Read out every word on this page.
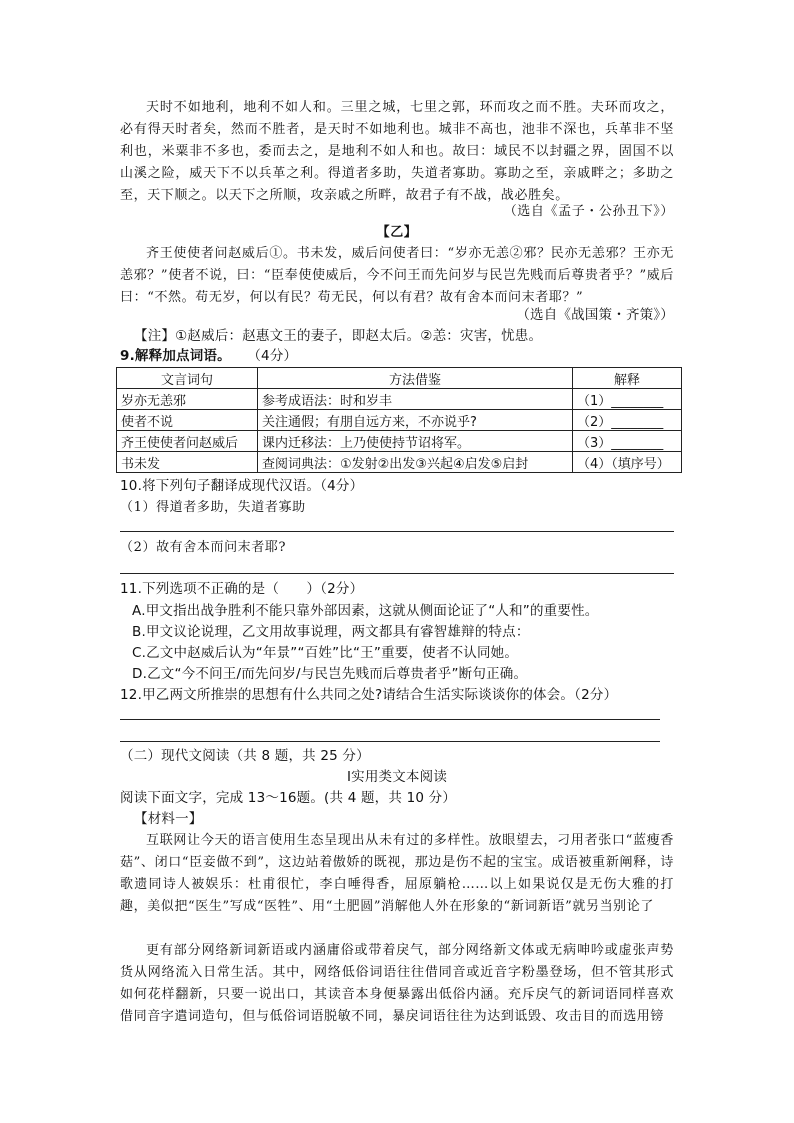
天时不如地利，地利不如人和。三里之城，七里之郭，环而攻之而不胜。夫环而攻之，必有得天时者矣，然而不胜者，是天时不如地利也。城非不高也，池非不深也，兵革非不坚利也，米粟非不多也，委而去之，是地利不如人和也。故曰：域民不以封疆之界，固国不以山溪之险，威天下不以兵革之利。得道者多助，失道者寡助。寡助之至，亲戚畔之；多助之至，天下顺之。以天下之所顺，攻亲戚之所畔，故君子有不战，战必胜矣。

（选自《孟子・公孙丑下》）

【乙】

齐王使使者问赵威后①。书未发，威后问使者曰：“岁亦无恙②邪？民亦无恙邪？王亦无恙邪？”使者不说，曰：“臣奉使使威后，今不问王而先问岁与民岂先贱而后尊贵者乎？”威后曰：“不然。苟无岁，何以有民？苟无民，何以有君？故有舍本而问末者耶？”

（选自《战国策・齐策》）

【注】①赵威后：赵惠文王的妻子，即赵太后。②恙：灾害，忧患。

9.解释加点词语。 （4分）

文言词句	方法借鉴	解释
岁亦无恙邪	参考成语法：时和岁丰	（1）________
使者不说	关注通假；有朋自远方来，不亦说乎?	（2）________
齐王使使者问赵威后	课内迁移法：上乃使使持节诏将军。	（3）________
书未发	查阅词典法：①发射②出发③兴起④启发⑤启封	（4）（填序号）

10.将下列句子翻译成现代汉语。（4分）

（1）得道者多助，失道者寡助

（2）故有舍本而问末者耶?

11.下列选项不正确的是（　　）（2分）

A.甲文指出战争胜利不能只靠外部因素，这就从侧面论证了“人和”的重要性。

B.甲文议论说理，乙文用故事说理，两文都具有睿智雄辩的特点：

C.乙文中赵威后认为“年景”“百姓”比“王”重要，使者不认同她。

D.乙文“今不问王/而先问岁/与民岂先贱而后尊贵者乎”断句正确。

12.甲乙两文所推崇的思想有什么共同之处?请结合生活实际谈谈你的体会。（2分）

（二）现代文阅读（共 8 题，共 25 分）

Ⅰ实用类文本阅读

阅读下面文字，完成 13～16题。(共 4 题，共 10 分）

【材料一】

互联网让今天的语言使用生态呈现出从未有过的多样性。放眼望去，刁用者张口“蓝瘦香菇”、闭口“臣妾做不到”，这边站着傲娇的既视，那边是伤不起的宝宝。成语被重新阐释，诗歌遗同诗人被娱乐：杜甫很忙，李白唾得香，屈原躺枪……以上如果说仅是无伤大雅的打趣，美似把“医生”写成“医牲”、用“土肥圆”消解他人外在形象的“新词新语”就另当别论了

更有部分网络新词新语或内涵庸俗或带着戾气，部分网络新文体或无病呻吟或虚张声势货从网络流入日常生活。其中，网络低俗词语往往借同音或近音字粉墨登场，但不管其形式如何花样翻新，只要一说出口，其读音本身便暴露出低俗内涵。充斥戾气的新词语同样喜欢借同音字遣词造句，但与低俗词语脱敏不同，暴戾词语往往为达到诋毁、攻击目的而选用镑
